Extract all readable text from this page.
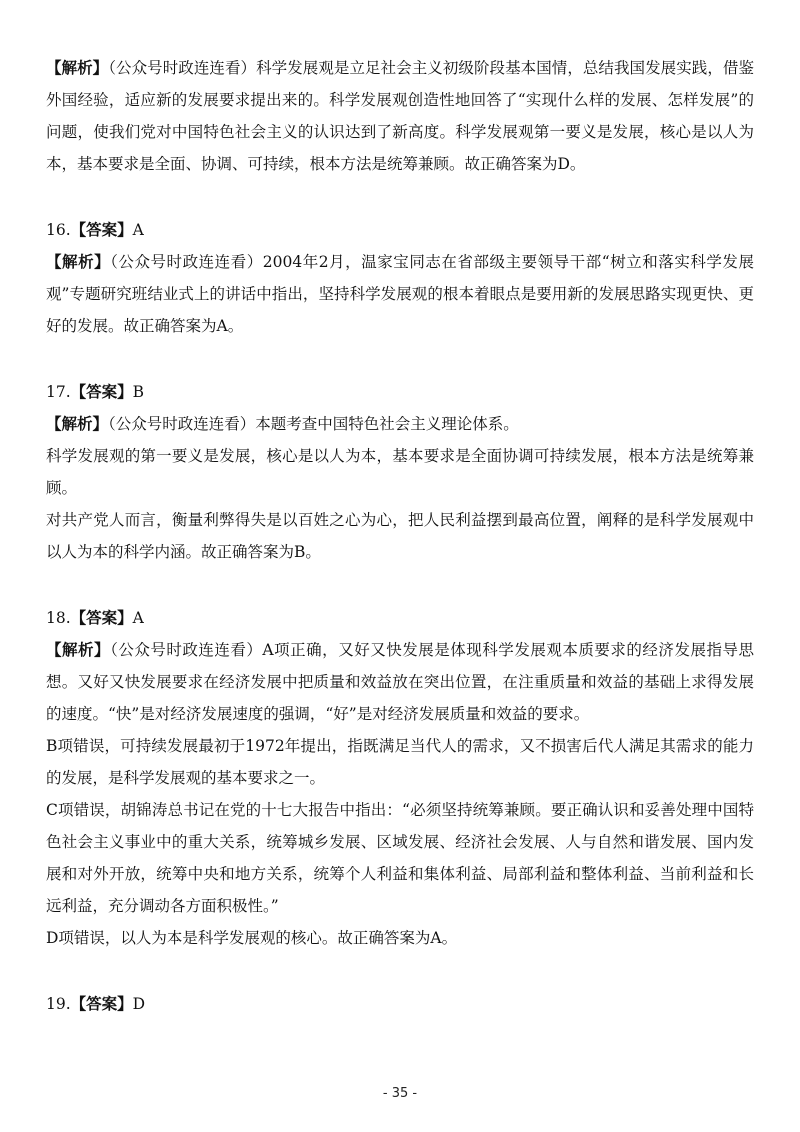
【解析】（公众号时政连连看）科学发展观是立足社会主义初级阶段基本国情，总结我国发展实践，借鉴外国经验，适应新的发展要求提出来的。科学发展观创造性地回答了“实现什么样的发展、怎样发展”的问题，使我们党对中国特色社会主义的认识达到了新高度。科学发展观第一要义是发展，核心是以人为本，基本要求是全面、协调、可持续，根本方法是统筹兼顾。故正确答案为D。

16.【答案】A

【解析】（公众号时政连连看）2004年2月，温家宝同志在省部级主要领导干部“树立和落实科学发展观”专题研究班结业式上的讲话中指出，坚持科学发展观的根本着眼点是要用新的发展思路实现更快、更好的发展。故正确答案为A。

17.【答案】B

【解析】（公众号时政连连看）本题考查中国特色社会主义理论体系。

科学发展观的第一要义是发展，核心是以人为本，基本要求是全面协调可持续发展，根本方法是统筹兼顾。

对共产党人而言，衡量利弊得失是以百姓之心为心，把人民利益摆到最高位置，阐释的是科学发展观中以人为本的科学内涵。故正确答案为B。

18.【答案】A

【解析】（公众号时政连连看）A项正确，又好又快发展是体现科学发展观本质要求的经济发展指导思想。又好又快发展要求在经济发展中把质量和效益放在突出位置，在注重质量和效益的基础上求得发展的速度。“快”是对经济发展速度的强调，“好”是对经济发展质量和效益的要求。

B项错误，可持续发展最初于1972年提出，指既满足当代人的需求，又不损害后代人满足其需求的能力的发展，是科学发展观的基本要求之一。

C项错误，胡锦涛总书记在党的十七大报告中指出：“必须坚持统筹兼顾。要正确认识和妥善处理中国特色社会主义事业中的重大关系，统筹城乡发展、区域发展、经济社会发展、人与自然和谐发展、国内发展和对外开放，统筹中央和地方关系，统筹个人利益和集体利益、局部利益和整体利益、当前利益和长远利益，充分调动各方面积极性。”

D项错误，以人为本是科学发展观的核心。故正确答案为A。

19.【答案】D

- 35 -
